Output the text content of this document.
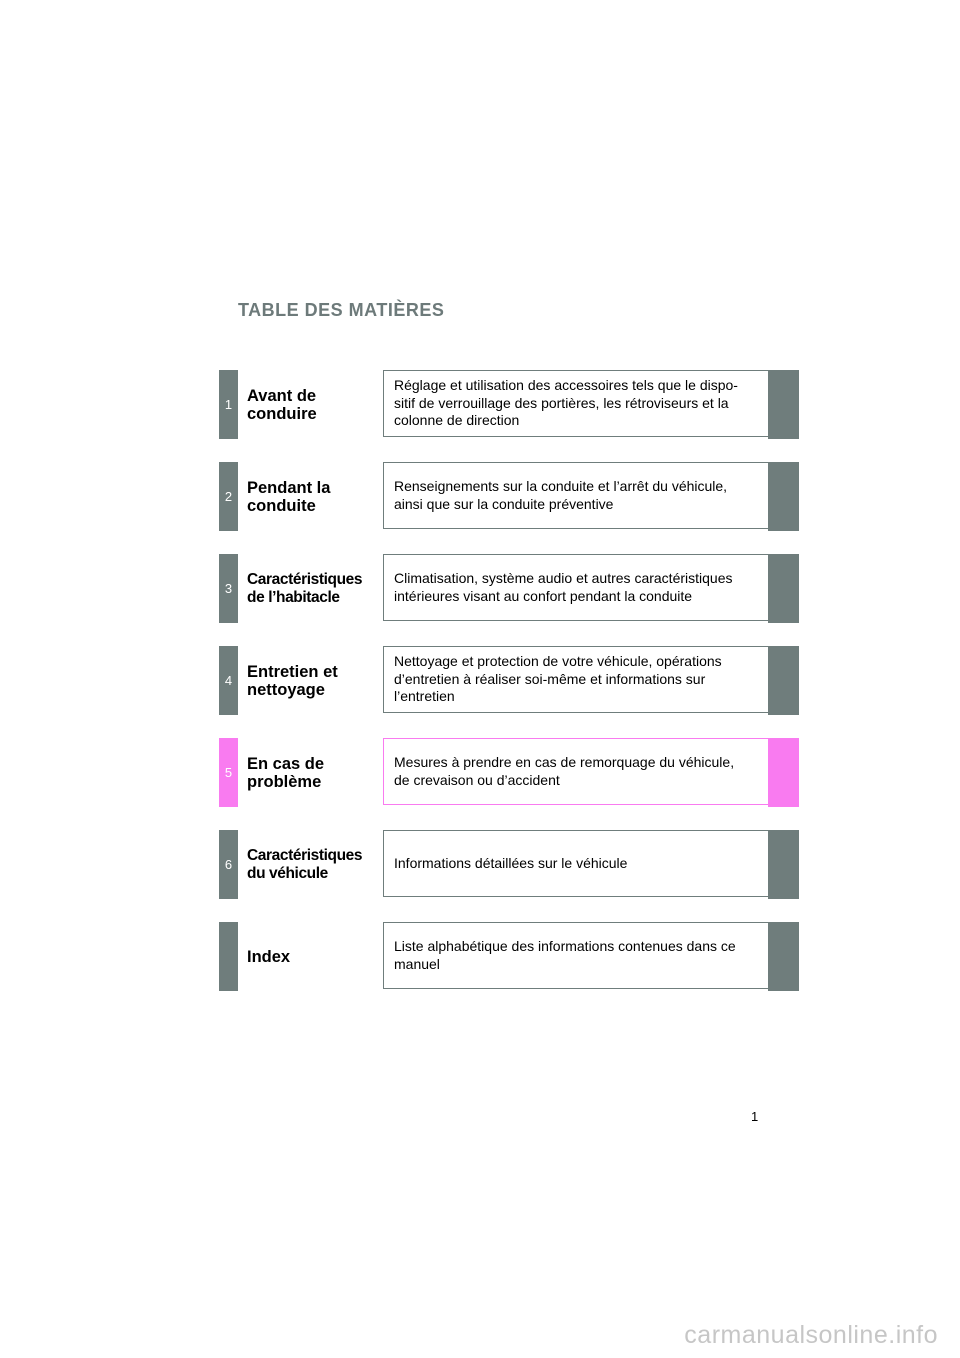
TABLE DES MATIÈRES
1 Avant de
conduire
Réglage et utilisation des accessoires tels que le dispo-
sitif de verrouillage des portières, les rétroviseurs et la
colonne de direction
2 Pendant la
conduite
Renseignements sur la conduite et l’arrêt du véhicule,
ainsi que sur la conduite préventive
3
Caractéristiques
de l’habitacle
Climatisation, système audio et autres caractéristiques
intérieures visant au confort pendant la conduite
4 Entretien et
nettoyage
Nettoyage et protection de votre véhicule, opérations
d’entretien à réaliser soi-même et informations sur
l’entretien
5 En cas de
problème
Mesures à prendre en cas de remorquage du véhicule,
de crevaison ou d’accident
6
Caractéristiques
du véhicule
Informations détaillées sur le véhicule
Index
Liste alphabétique des informations contenues dans ce
manuel
1
carmanualsonline.info
